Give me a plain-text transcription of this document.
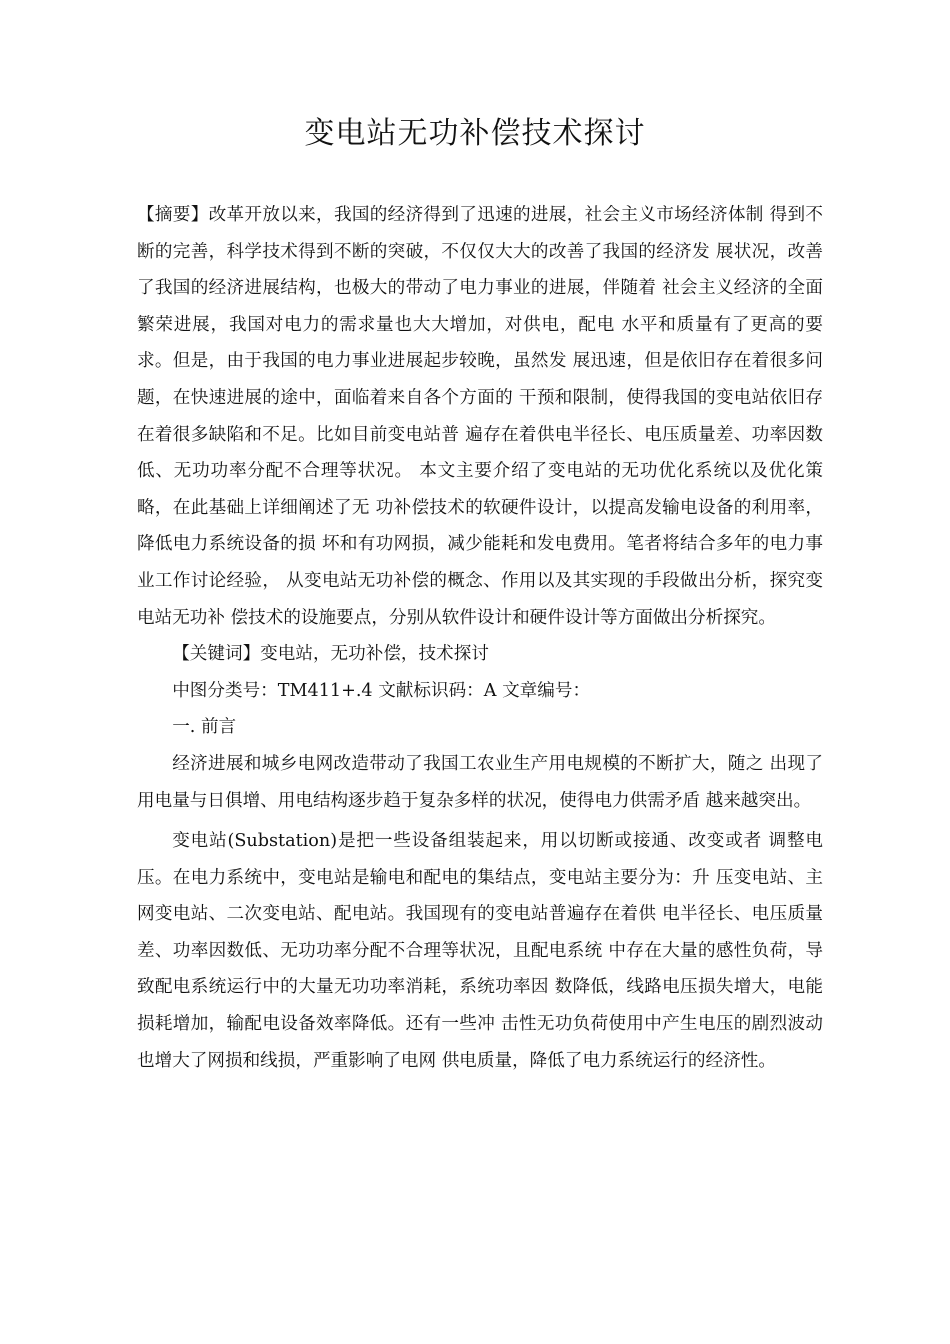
变电站无功补偿技术探讨

【摘要】改革开放以来，我国的经济得到了迅速的进展，社会主义市场经济体制 得到不断的完善，科学技术得到不断的突破，不仅仅大大的改善了我国的经济发 展状况，改善了我国的经济进展结构，也极大的带动了电力事业的进展，伴随着 社会主义经济的全面繁荣进展，我国对电力的需求量也大大增加，对供电，配电 水平和质量有了更高的要求。但是，由于我国的电力事业进展起步较晚，虽然发 展迅速，但是依旧存在着很多问题，在快速进展的途中，面临着来自各个方面的 干预和限制，使得我国的变电站依旧存在着很多缺陷和不足。比如目前变电站普 遍存在着供电半径长、电压质量差、功率因数低、无功功率分配不合理等状况。 本文主要介绍了变电站的无功优化系统以及优化策略，在此基础上详细阐述了无 功补偿技术的软硬件设计，以提高发输电设备的利用率，降低电力系统设备的损 坏和有功网损，减少能耗和发电费用。笔者将结合多年的电力事业工作讨论经验， 从变电站无功补偿的概念、作用以及其实现的手段做出分析，探究变电站无功补 偿技术的设施要点，分别从软件设计和硬件设计等方面做出分析探究。

【关键词】变电站，无功补偿，技术探讨

中图分类号：TM411+.4 文献标识码：A 文章编号：

一. 前言

经济进展和城乡电网改造带动了我国工农业生产用电规模的不断扩大，随之 出现了用电量与日俱增、用电结构逐步趋于复杂多样的状况，使得电力供需矛盾 越来越突出。

变电站(Substation)是把一些设备组装起来，用以切断或接通、改变或者 调整电压。在电力系统中，变电站是输电和配电的集结点，变电站主要分为：升 压变电站、主网变电站、二次变电站、配电站。我国现有的变电站普遍存在着供 电半径长、电压质量差、功率因数低、无功功率分配不合理等状况，且配电系统 中存在大量的感性负荷，导致配电系统运行中的大量无功功率消耗，系统功率因 数降低，线路电压损失增大，电能损耗增加，输配电设备效率降低。还有一些冲 击性无功负荷使用中产生电压的剧烈波动也增大了网损和线损，严重影响了电网 供电质量，降低了电力系统运行的经济性。
